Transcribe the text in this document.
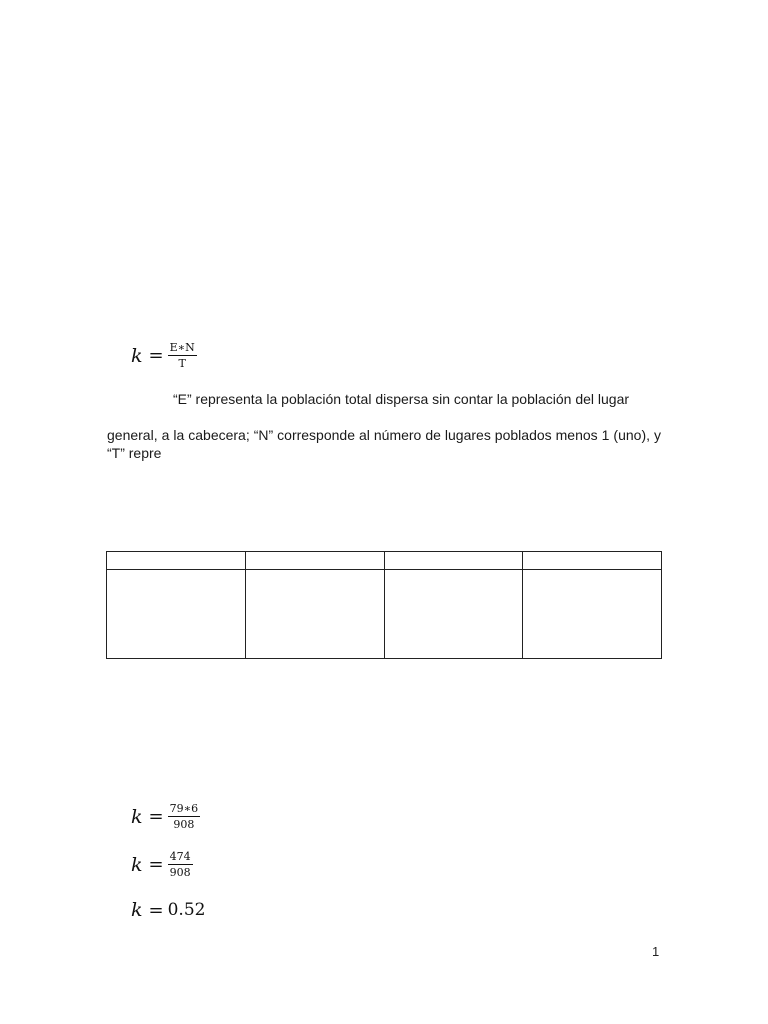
$k = \frac{E∗N}{T}$
“E” representa la población total dispersa sin contar la población del lugar
general, a la cabecera; “N” corresponde al número de lugares poblados menos 1 (uno), y “T” repre

$k = \frac{79∗6}{908}$
$k = \frac{474}{908}$
k = 0.52
1
